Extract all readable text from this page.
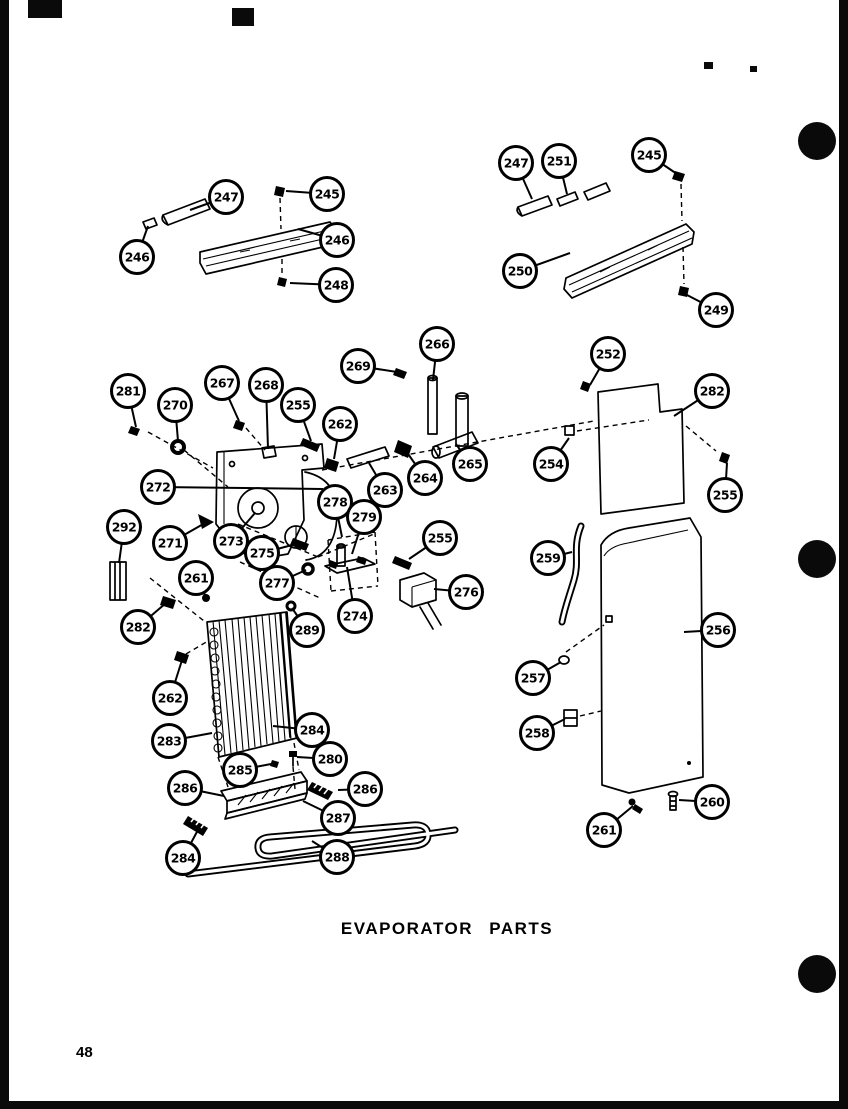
246
247	245
246
248
247 251	245
250
249
281
270
267 268
255
269
266
262
263
264
265
272
292
271	273
275
277
261
282
262
278
279
255
274
276
289
283
284
285
280
286	286
287
284	288
252
282
254
255
259
256
257
258
260
261
EVAPORATOR PARTS
48
